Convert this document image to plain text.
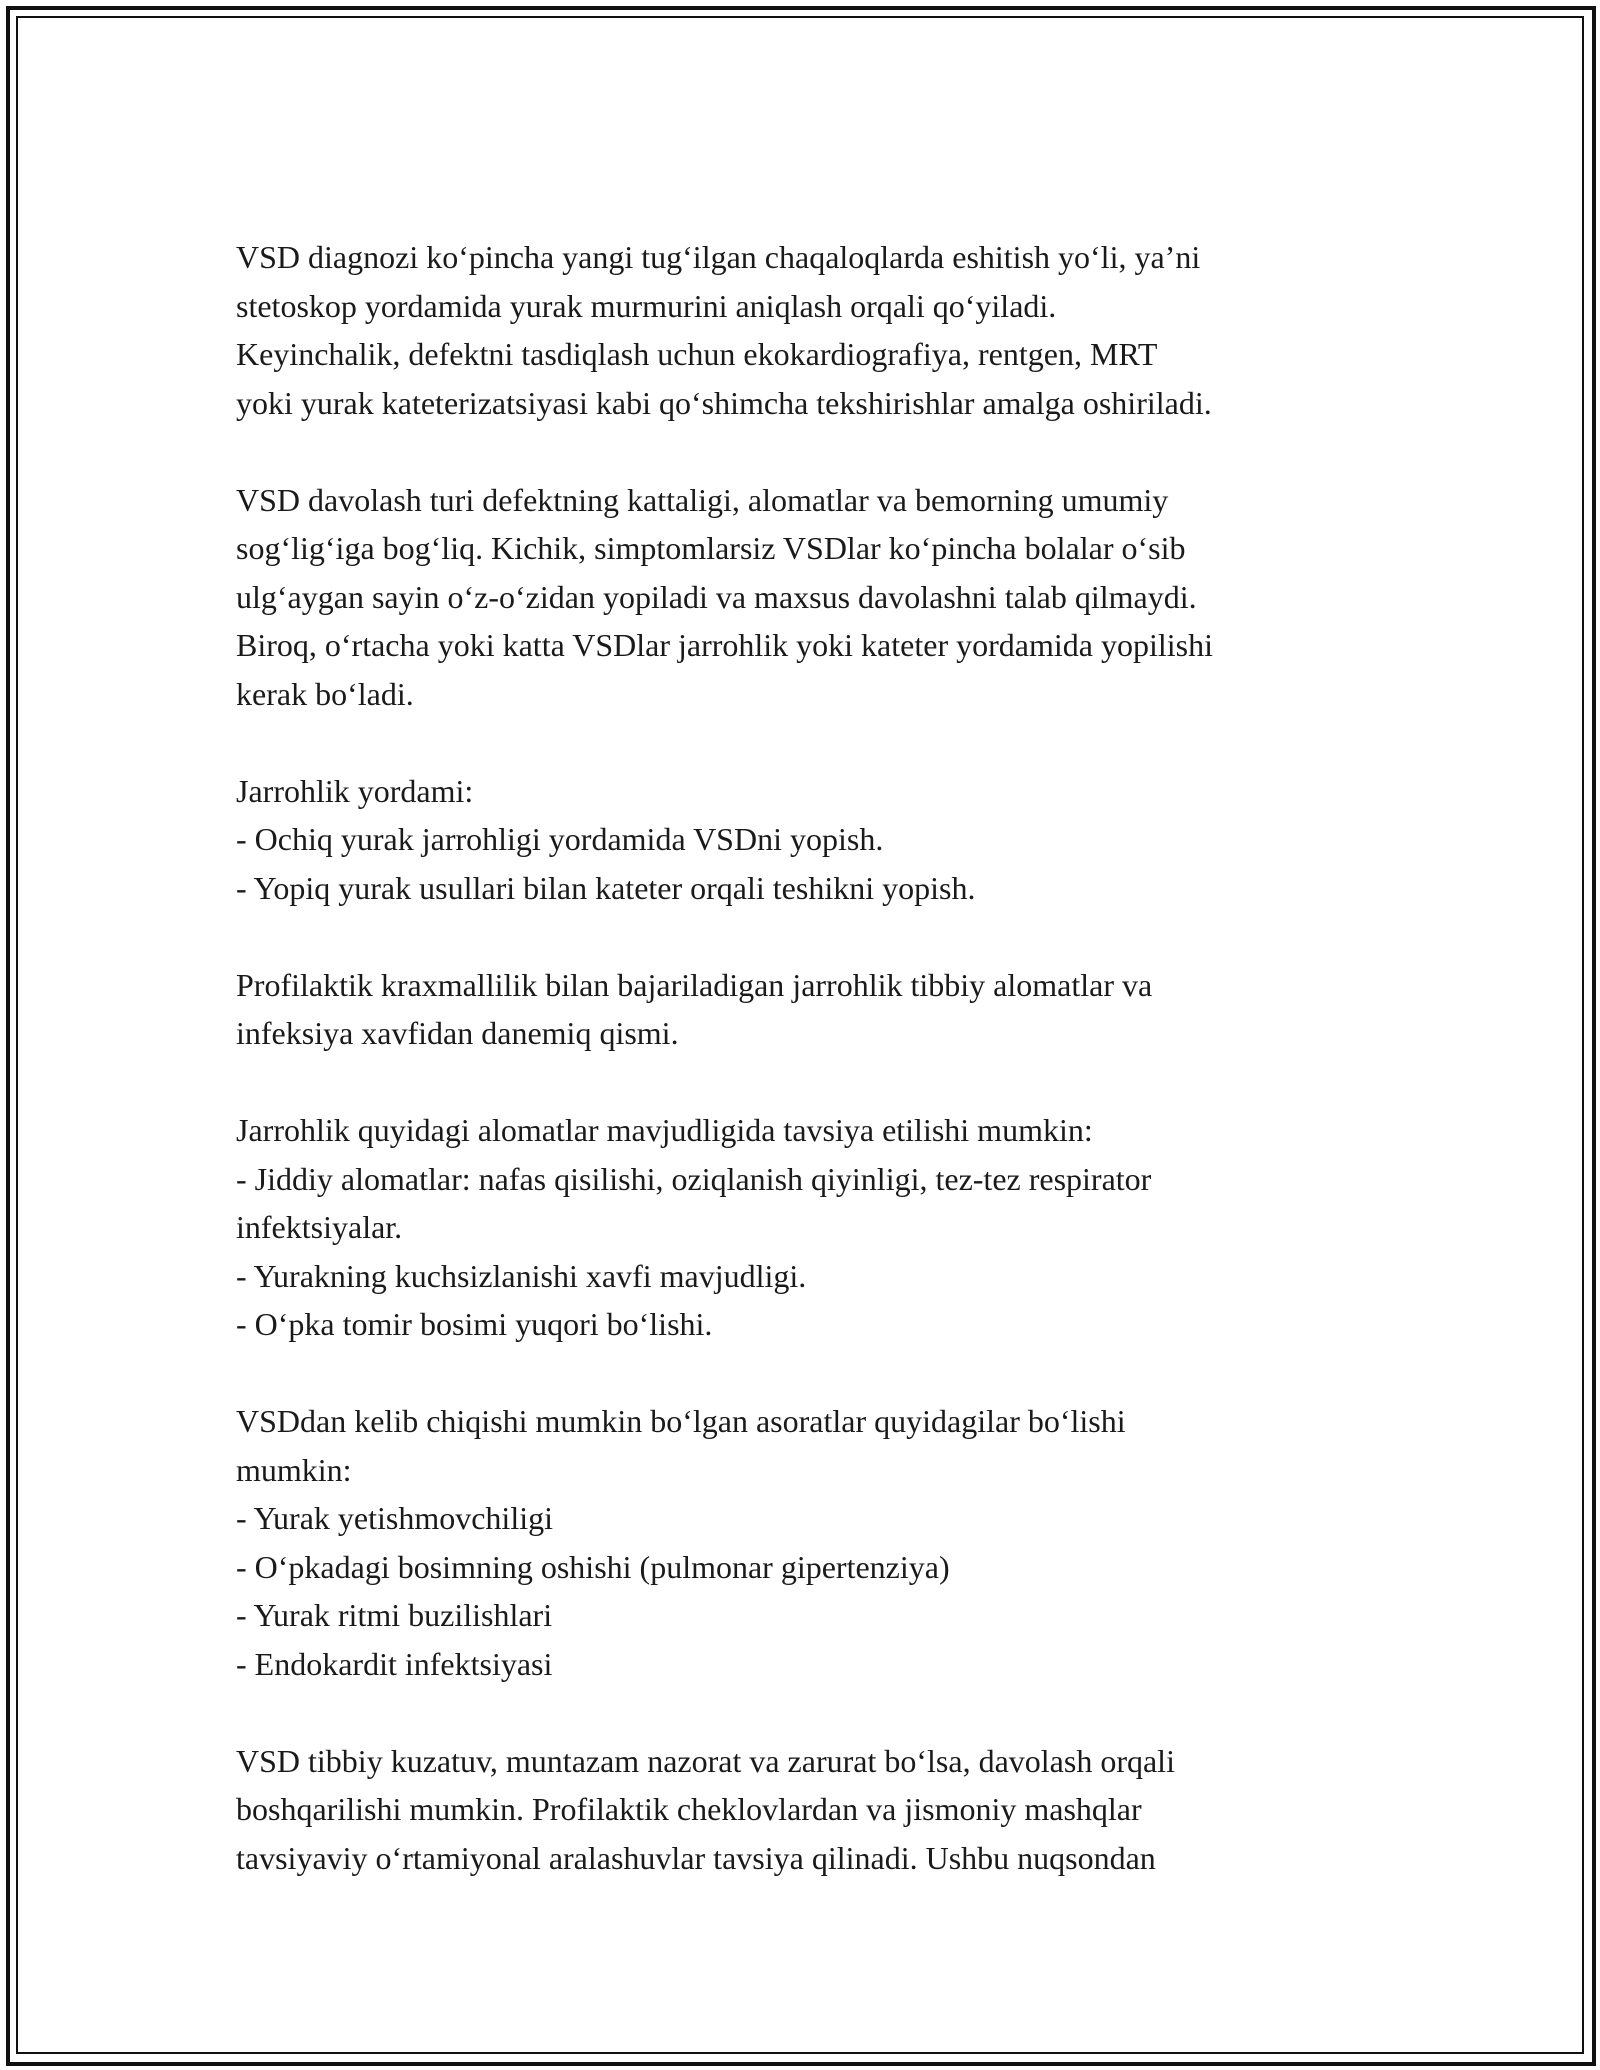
VSD diagnozi ko‘pincha yangi tug‘ilgan chaqaloqlarda eshitish yo‘li, ya’ni
stetoskop yordamida yurak murmurini aniqlash orqali qo‘yiladi.
Keyinchalik, defektni tasdiqlash uchun ekokardiografiya, rentgen, MRT
yoki yurak kateterizatsiyasi kabi qo‘shimcha tekshirishlar amalga oshiriladi.
VSD davolash turi defektning kattaligi, alomatlar va bemorning umumiy
sog‘lig‘iga bog‘liq. Kichik, simptomlarsiz VSDlar ko‘pincha bolalar o‘sib
ulg‘aygan sayin o‘z-o‘zidan yopiladi va maxsus davolashni talab qilmaydi.
Biroq, o‘rtacha yoki katta VSDlar jarrohlik yoki kateter yordamida yopilishi
kerak bo‘ladi.
Jarrohlik yordami:
- Ochiq yurak jarrohligi yordamida VSDni yopish.
- Yopiq yurak usullari bilan kateter orqali teshikni yopish.
Profilaktik kraxmallilik bilan bajariladigan jarrohlik tibbiy alomatlar va
infeksiya xavfidan danemiq qismi.
Jarrohlik quyidagi alomatlar mavjudligida tavsiya etilishi mumkin:
- Jiddiy alomatlar: nafas qisilishi, oziqlanish qiyinligi, tez-tez respirator
infektsiyalar.
- Yurakning kuchsizlanishi xavfi mavjudligi.
- O‘pka tomir bosimi yuqori bo‘lishi.
VSDdan kelib chiqishi mumkin bo‘lgan asoratlar quyidagilar bo‘lishi
mumkin:
- Yurak yetishmovchiligi
- O‘pkadagi bosimning oshishi (pulmonar gipertenziya)
- Yurak ritmi buzilishlari
- Endokardit infektsiyasi
VSD tibbiy kuzatuv, muntazam nazorat va zarurat bo‘lsa, davolash orqali
boshqarilishi mumkin. Profilaktik cheklovlardan va jismoniy mashqlar
tavsiyaviy o‘rtamiyonal aralashuvlar tavsiya qilinadi. Ushbu nuqsondan
